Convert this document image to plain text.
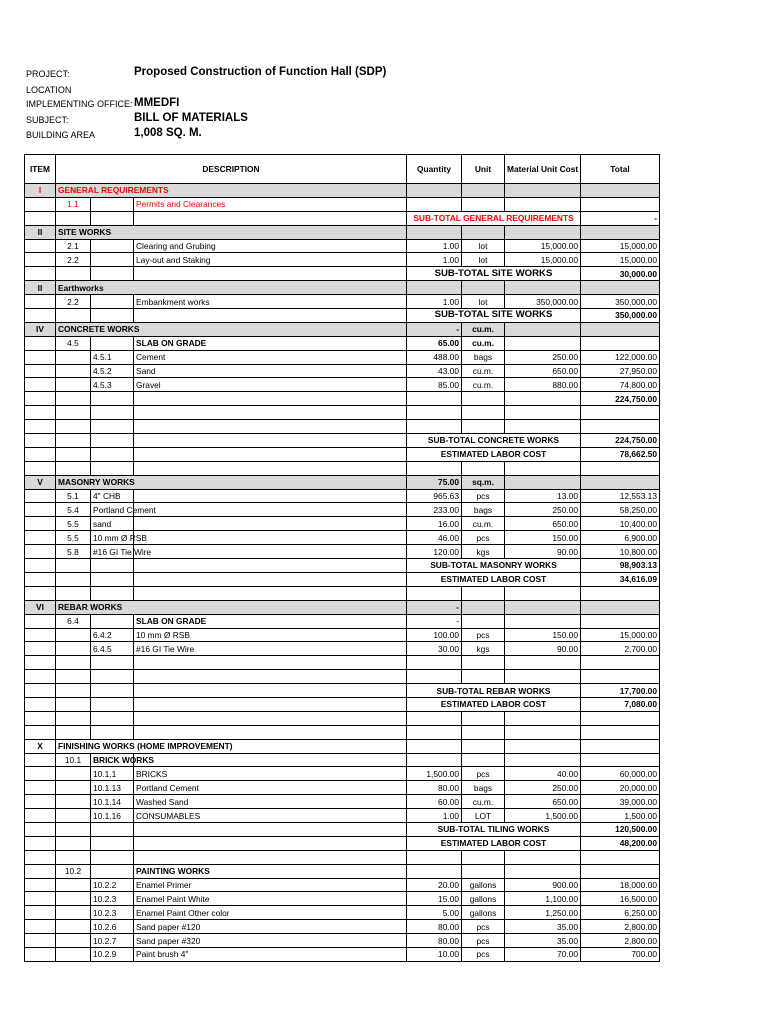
PROJECT:	Proposed Construction of Function Hall (SDP)
LOCATION
IMPLEMENTING OFFICE: MMEDFI
SUBJECT:	BILL OF MATERIALS
BUILDING AREA	1,008 SQ. M.
ITEM	DESCRIPTION			Quantity	Unit	Material Unit Cost	Total
I	GENERAL REQUIREMENTS						
	1.1		Permits and Clearances				
				SUB-TOTAL GENERAL REQUIREMENTS			-
II	SITE WORKS						
	2.1		Clearing and Grubing	1.00	lot	15,000.00	15,000.00
	2.2		Lay-out and Staking	1.00	lot	15,000.00	15,000.00
				SUB-TOTAL SITE WORKS			30,000.00
II	Earthworks						
	2.2		Embankment works	1.00	lot	350,000.00	350,000.00
				SUB-TOTAL SITE WORKS			350,000.00
IV	CONCRETE WORKS			-	cu.m.		
	4.5		SLAB ON GRADE	65.00	cu.m.		
		4.5.1	Cement	488.00	bags	250.00	122,000.00
		4.5.2	Sand	43.00	cu.m.	650.00	27,950.00
		4.5.3	Gravel	85.00	cu.m.	880.00	74,800.00
							224,750.00

				SUB-TOTAL CONCRETE WORKS			224,750.00
				ESTIMATED LABOR COST			78,662.50

V	MASONRY WORKS			75.00	sq.m.		
	5.1	4" CHB		965.63	pcs	13.00	12,553.13
	5.4	Portland Cement		233.00	bags	250.00	58,250.00
	5.5	sand		16.00	cu.m.	650.00	10,400.00
	5.5	10 mm Ø RSB		46.00	pcs	150.00	6,900.00
	5.8	#16 GI Tie Wire		120.00	kgs	90.00	10,800.00
				SUB-TOTAL MASONRY WORKS			98,903.13
				ESTIMATED LABOR COST			34,616.09

VI	REBAR WORKS			-			
	6.4		SLAB ON GRADE	-			
		6.4.2	10 mm Ø RSB	100.00	pcs	150.00	15,000.00
		6.4.5	#16 GI Tie Wire	30.00	kgs	90.00	2,700.00

				SUB-TOTAL REBAR WORKS			17,700.00
				ESTIMATED LABOR COST			7,080.00

X	FINISHING WORKS (HOME IMPROVEMENT)						
	10.1	BRICK WORKS					
		10.1.1	BRICKS	1,500.00	pcs	40.00	60,000.00
		10.1.13	Portland Cement	80.00	bags	250.00	20,000.00
		10.1.14	Washed Sand	60.00	cu.m.	650.00	39,000.00
		10.1.16	CONSUMABLES	1.00	LOT	1,500.00	1,500.00
				SUB-TOTAL TILING WORKS			120,500.00
				ESTIMATED LABOR COST			48,200.00

	10.2		PAINTING WORKS				
		10.2.2	Enamel Primer	20.00	gallons	900.00	18,000.00
		10.2.3	Enamel Paint White	15.00	gallons	1,100.00	16,500.00
		10.2.3	Enamel Paint Other color	5.00	gallons	1,250.00	6,250.00
		10.2.6	Sand paper #120	80.00	pcs	35.00	2,800.00
		10.2.7	Sand paper #320	80.00	pcs	35.00	2,800.00
		10.2.9	Paint brush 4"	10.00	pcs	70.00	700.00
